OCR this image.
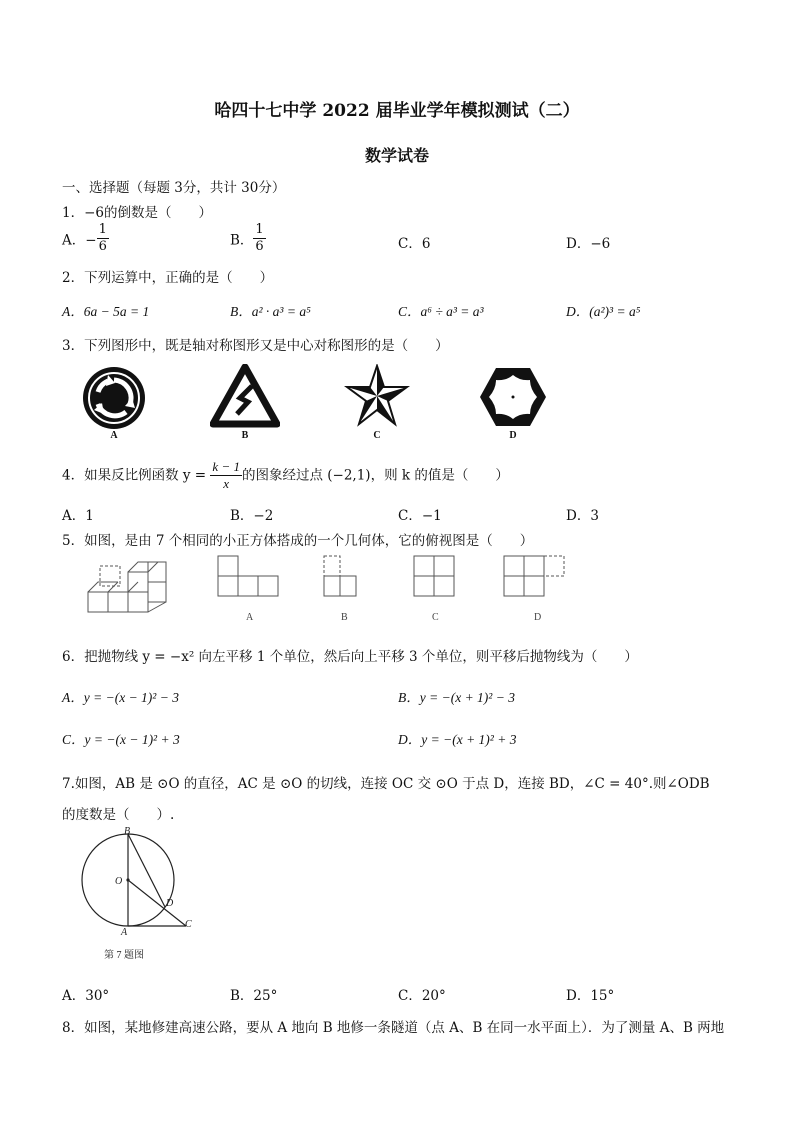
哈四十七中学 2022 届毕业学年模拟测试（二）
数学试卷
一、选择题（每题 3分，共计 30分）
1．−6的倒数是（　　）
A．− $\frac{1}{6}$	B． $\frac{1}{6}$	C．6	D．−6
2．下列运算中，正确的是（　　）
A．6a − 5a = 1	B．a² · a³ = a⁵	C．a⁶ ÷ a³ = a³	D．(a²)³ = a⁵
3．下列图形中，既是轴对称图形又是中心对称图形的是（　　）
A	B	C	D
4．如果反比例函数 $y = \frac{k - 1}{x}$ 的图象经过点 (−2,1)，则 k 的值是（　　）
A．1	B．−2	C．−1	D．3
5．如图，是由 7 个相同的小正方体搭成的一个几何体，它的俯视图是（　　）
A	B	C	D
6．把抛物线 y = −x² 向左平移 1 个单位，然后向上平移 3 个单位，则平移后抛物线为（　　）
A．y = −(x − 1)² − 3	B．y = −(x + 1)² − 3
C．y = −(x − 1)² + 3	D．y = −(x + 1)² + 3
7.如图，AB 是 ⊙O 的直径，AC 是 ⊙O 的切线，连接 OC 交 ⊙O 于点 D，连接 BD，∠C = 40°.则∠ODB
的度数是（　　）.
B
O
D
A
C
第 7 题图
A．30°	B．25°	C．20°	D．15°
8．如图，某地修建高速公路，要从 A 地向 B 地修一条隧道（点 A、B 在同一水平面上）．为了测量 A、B 两地
